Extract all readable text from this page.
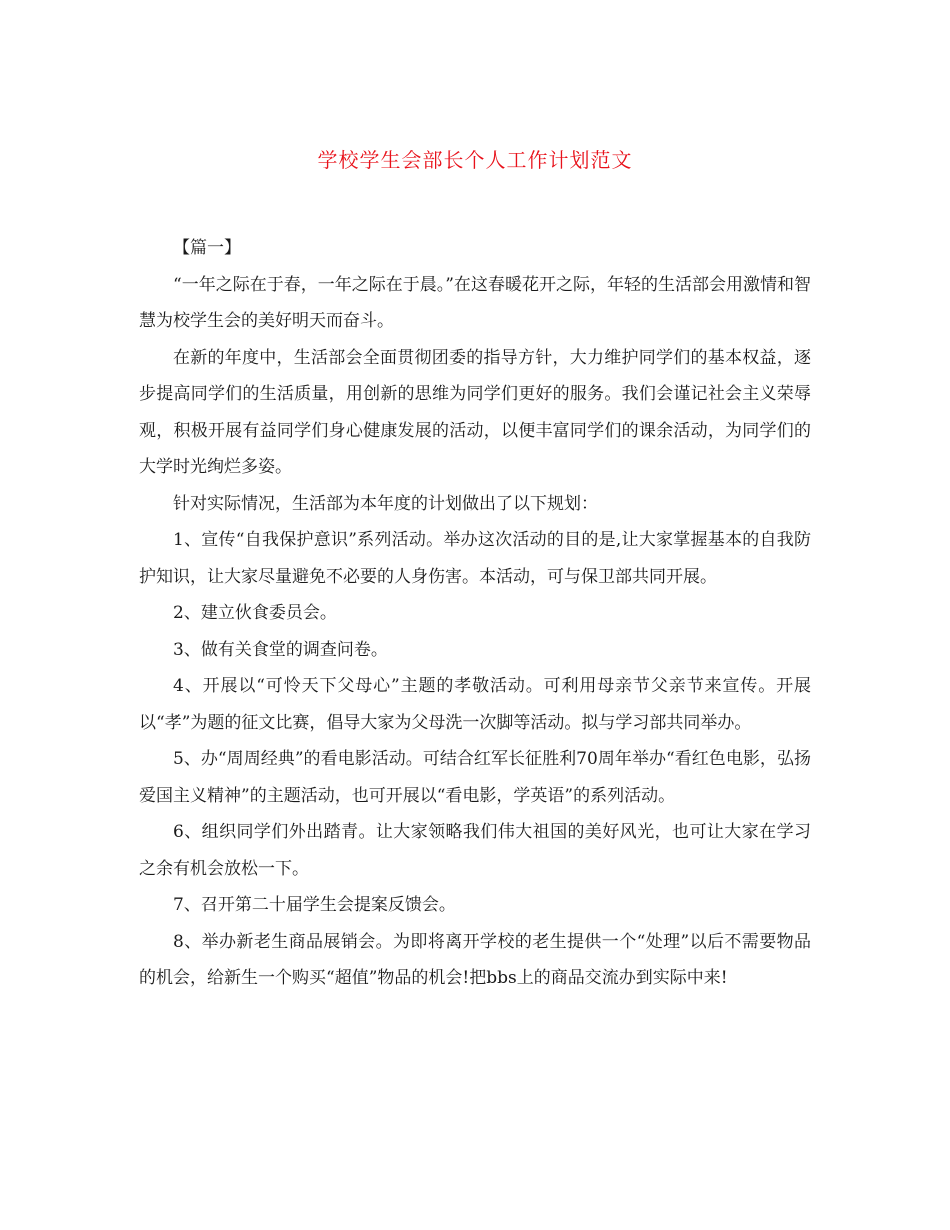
学校学生会部长个人工作计划范文

【篇一】

“一年之际在于春，一年之际在于晨。”在这春暖花开之际，年轻的生活部会用激情和智慧为校学生会的美好明天而奋斗。

在新的年度中，生活部会全面贯彻团委的指导方针，大力维护同学们的基本权益，逐步提高同学们的生活质量，用创新的思维为同学们更好的服务。我们会谨记社会主义荣辱观，积极开展有益同学们身心健康发展的活动，以便丰富同学们的课余活动，为同学们的大学时光绚烂多姿。

针对实际情况，生活部为本年度的计划做出了以下规划：

1、宣传“自我保护意识”系列活动。举办这次活动的目的是,让大家掌握基本的自我防护知识，让大家尽量避免不必要的人身伤害。本活动，可与保卫部共同开展。

2、建立伙食委员会。

3、做有关食堂的调查问卷。

4、开展以“可怜天下父母心”主题的孝敬活动。可利用母亲节父亲节来宣传。开展以“孝”为题的征文比赛，倡导大家为父母洗一次脚等活动。拟与学习部共同举办。

5、办“周周经典”的看电影活动。可结合红军长征胜利70周年举办“看红色电影，弘扬爱国主义精神”的主题活动，也可开展以“看电影，学英语”的系列活动。

6、组织同学们外出踏青。让大家领略我们伟大祖国的美好风光，也可让大家在学习之余有机会放松一下。

7、召开第二十届学生会提案反馈会。

8、举办新老生商品展销会。为即将离开学校的老生提供一个“处理”以后不需要物品的机会，给新生一个购买“超值”物品的机会!把bbs上的商品交流办到实际中来!
